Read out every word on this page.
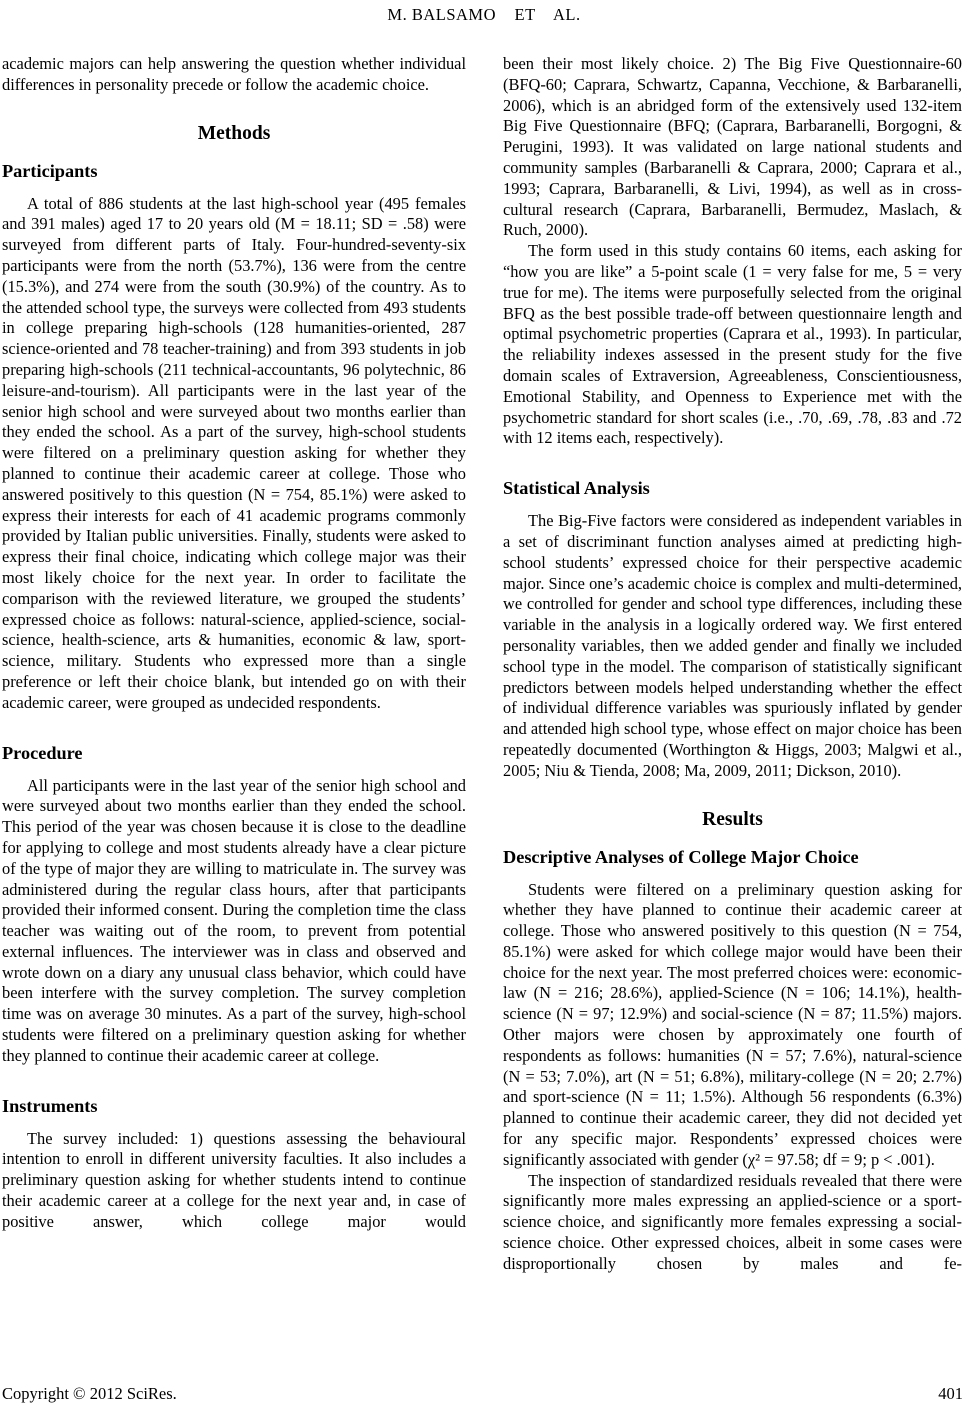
M. BALSAMO    ET    AL.

academic majors can help answering the question whether individual differences in personality precede or follow the academic choice.

Methods
Participants

A total of 886 students at the last high-school year (495 females and 391 males) aged 17 to 20 years old (M = 18.11; SD = .58) were surveyed from different parts of Italy. Four-hundred-seventy-six participants were from the north (53.7%), 136 were from the centre (15.3%), and 274 were from the south (30.9%) of the country. As to the attended school type, the surveys were collected from 493 students in college preparing high-schools (128 humanities-oriented, 287 science-oriented and 78 teacher-training) and from 393 students in job preparing high-schools (211 technical-accountants, 96 polytechnic, 86 leisure-and-tourism). All participants were in the last year of the senior high school and were surveyed about two months earlier than they ended the school. As a part of the survey, high-school students were filtered on a preliminary question asking for whether they planned to continue their academic career at college. Those who answered positively to this question (N = 754, 85.1%) were asked to express their interests for each of 41 academic programs commonly provided by Italian public universities. Finally, students were asked to express their final choice, indicating which college major was their most likely choice for the next year. In order to facilitate the comparison with the reviewed literature, we grouped the students’ expressed choice as follows: natural-science, applied-science, social-science, health-science, arts & humanities, economic & law, sport-science, military. Students who expressed more than a single preference or left their choice blank, but intended go on with their academic career, were grouped as undecided respondents.

Procedure

All participants were in the last year of the senior high school and were surveyed about two months earlier than they ended the school. This period of the year was chosen because it is close to the deadline for applying to college and most students already have a clear picture of the type of major they are willing to matriculate in. The survey was administered during the regular class hours, after that participants provided their informed consent. During the completion time the class teacher was waiting out of the room, to prevent from potential external influences. The interviewer was in class and observed and wrote down on a diary any unusual class behavior, which could have been interfere with the survey completion. The survey completion time was on average 30 minutes. As a part of the survey, high-school students were filtered on a preliminary question asking for whether they planned to continue their academic career at college.

Instruments

The survey included: 1) questions assessing the behavioural intention to enroll in different university faculties. It also includes a preliminary question asking for whether students intend to continue their academic career at a college for the next year and, in case of positive answer, which college major would

been their most likely choice. 2) The Big Five Questionnaire-60 (BFQ-60; Caprara, Schwartz, Capanna, Vecchione, & Barbaranelli, 2006), which is an abridged form of the extensively used 132-item Big Five Questionnaire (BFQ; (Caprara, Barbaranelli, Borgogni, & Perugini, 1993). It was validated on large national students and community samples (Barbaranelli & Caprara, 2000; Caprara et al., 1993; Caprara, Barbaranelli, & Livi, 1994), as well as in cross-cultural research (Caprara, Barbaranelli, Bermudez, Maslach, & Ruch, 2000).

The form used in this study contains 60 items, each asking for “how you are like” a 5-point scale (1 = very false for me, 5 = very true for me). The items were purposefully selected from the original BFQ as the best possible trade-off between questionnaire length and optimal psychometric properties (Caprara et al., 1993). In particular, the reliability indexes assessed in the present study for the five domain scales of Extraversion, Agreeableness, Conscientiousness, Emotional Stability, and Openness to Experience met with the psychometric standard for short scales (i.e., .70, .69, .78, .83 and .72 with 12 items each, respectively).

Statistical Analysis

The Big-Five factors were considered as independent variables in a set of discriminant function analyses aimed at predicting high-school students’ expressed choice for their perspective academic major. Since one’s academic choice is complex and multi-determined, we controlled for gender and school type differences, including these variable in the analysis in a logically ordered way. We first entered personality variables, then we added gender and finally we included school type in the model. The comparison of statistically significant predictors between models helped understanding whether the effect of individual difference variables was spuriously inflated by gender and attended high school type, whose effect on major choice has been repeatedly documented (Worthington & Higgs, 2003; Malgwi et al., 2005; Niu & Tienda, 2008; Ma, 2009, 2011; Dickson, 2010).

Results
Descriptive Analyses of College Major Choice

Students were filtered on a preliminary question asking for whether they have planned to continue their academic career at college. Those who answered positively to this question (N = 754, 85.1%) were asked for which college major would have been their choice for the next year. The most preferred choices were: economic-law (N = 216; 28.6%), applied-Science (N = 106; 14.1%), health-science (N = 97; 12.9%) and social-science (N = 87; 11.5%) majors. Other majors were chosen by approximately one fourth of respondents as follows: humanities (N = 57; 7.6%), natural-science (N = 53; 7.0%), art (N = 51; 6.8%), military-college (N = 20; 2.7%) and sport-science (N = 11; 1.5%). Although 56 respondents (6.3%) planned to continue their academic career, they did not decided yet for any specific major. Respondents’ expressed choices were significantly associated with gender (χ² = 97.58; df = 9; p < .001).

The inspection of standardized residuals revealed that there were significantly more males expressing an applied-science or a sport-science choice, and significantly more females expressing a social-science choice. Other expressed choices, albeit in some cases were disproportionally chosen by males and fe-

Copyright © 2012 SciRes.	401
